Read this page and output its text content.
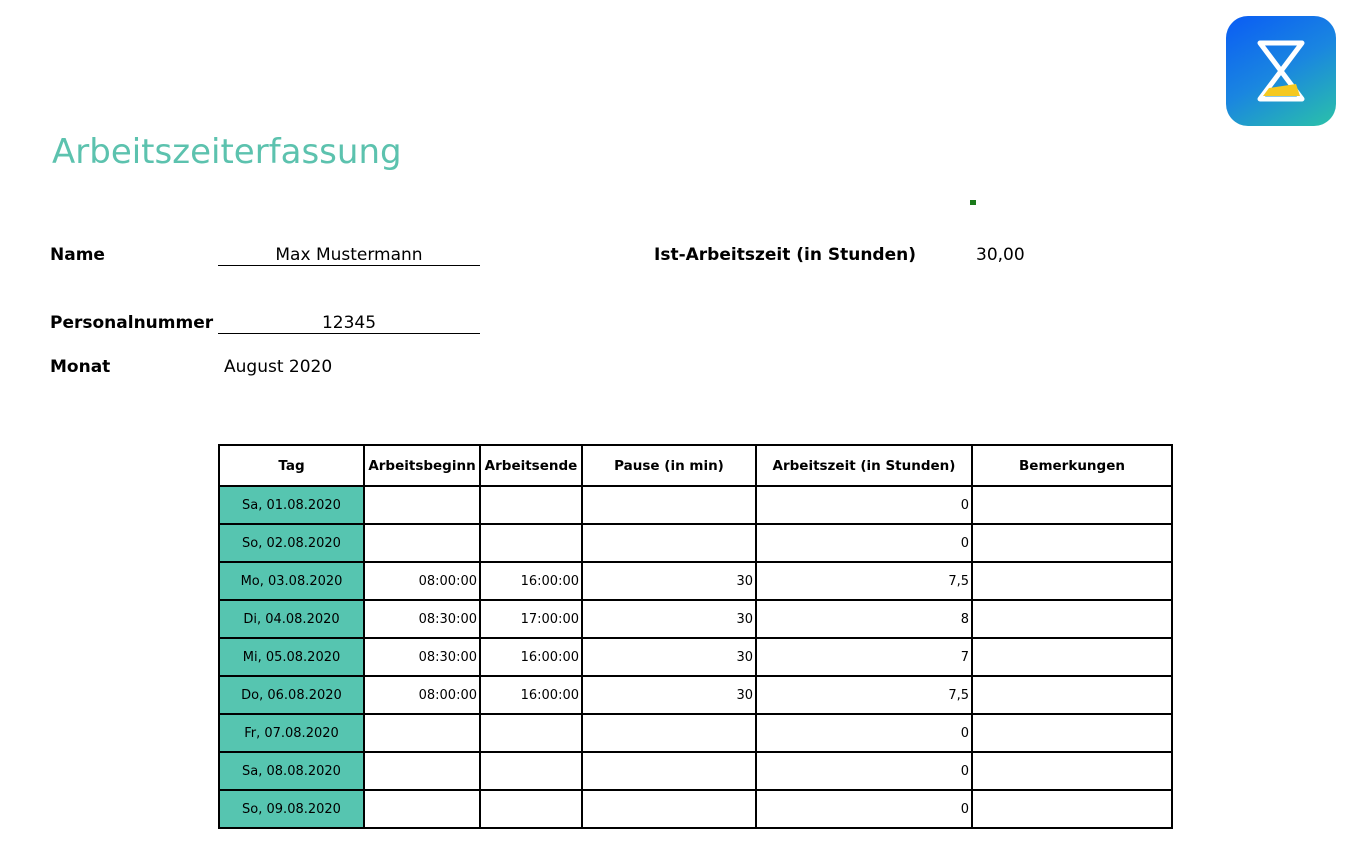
Arbeitszeiterfassung
Name	Max Mustermann
Personalnummer	12345
Monat	August 2020
Ist-Arbeitszeit (in Stunden)	30,00
Tag	Arbeitsbeginn	Arbeitsende	Pause (in min)	Arbeitszeit (in Stunden)	Bemerkungen
Sa, 01.08.2020				0	
So, 02.08.2020				0	
Mo, 03.08.2020	08:00:00	16:00:00	30	7,5	
Di, 04.08.2020	08:30:00	17:00:00	30	8	
Mi, 05.08.2020	08:30:00	16:00:00	30	7	
Do, 06.08.2020	08:00:00	16:00:00	30	7,5	
Fr, 07.08.2020				0	
Sa, 08.08.2020				0	
So, 09.08.2020				0	
